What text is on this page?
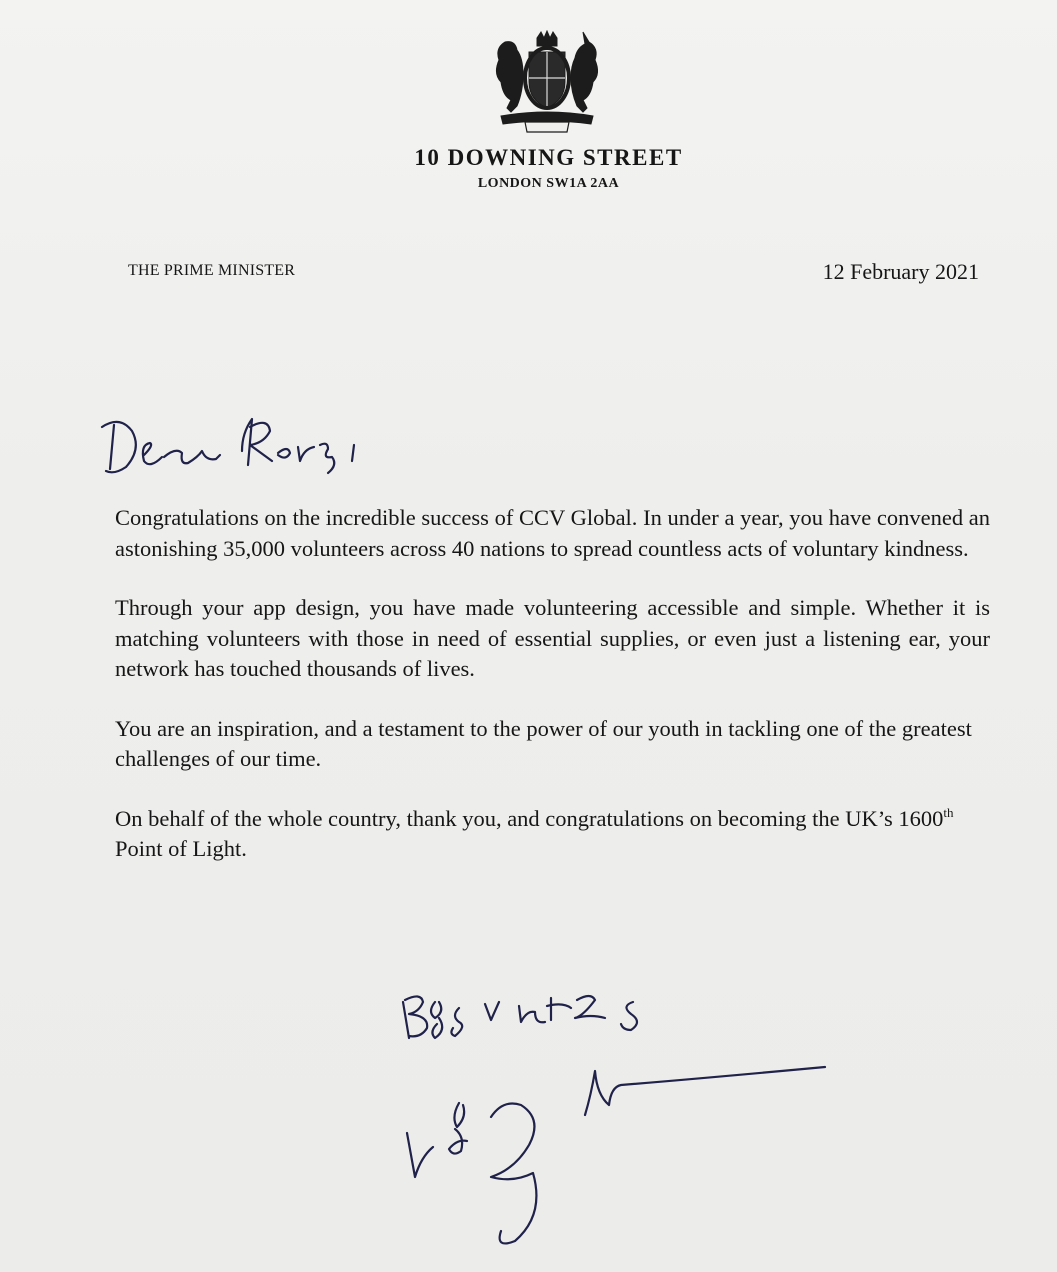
10 DOWNING STREET
LONDON SW1A 2AA
THE PRIME MINISTER	12 February 2021

Congratulations on the incredible success of CCV Global. In under a year, you have convened an astonishing 35,000 volunteers across 40 nations to spread countless acts of voluntary kindness.

Through your app design, you have made volunteering accessible and simple. Whether it is matching volunteers with those in need of essential supplies, or even just a listening ear, your network has touched thousands of lives.

You are an inspiration, and a testament to the power of our youth in tackling one of the greatest challenges of our time.

On behalf of the whole country, thank you, and congratulations on becoming the UK’s 1600th Point of Light.
